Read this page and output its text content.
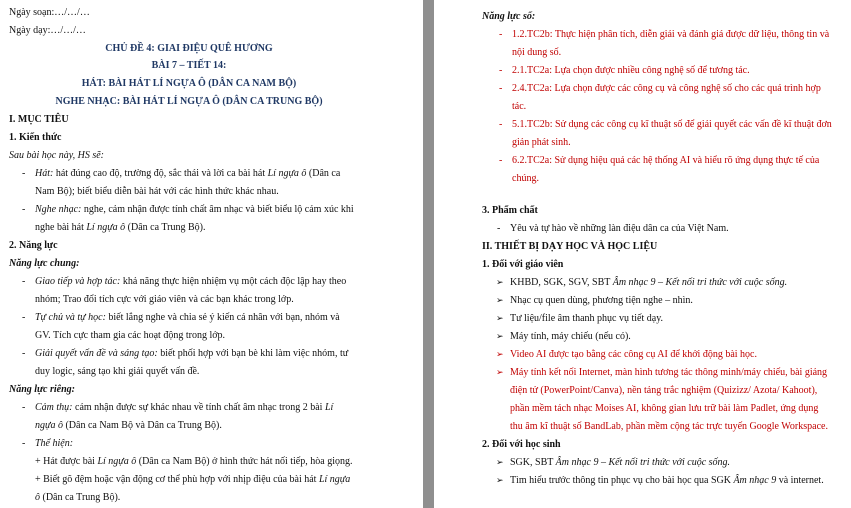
Ngày soạn:…/…/…
Ngày dạy:…/…/…
CHỦ ĐỀ 4: GIAI ĐIỆU QUÊ HƯƠNG
BÀI 7 – TIẾT 14:
HÁT: BÀI HÁT LÍ NGỰA Ô (DÂN CA NAM BỘ)
NGHE NHẠC: BÀI HÁT LÍ NGỰA Ô (DÂN CA TRUNG BỘ)
I. MỤC TIÊU
1. Kiến thức
Sau bài học này, HS sẽ:
- Hát: hát đúng cao độ, trường độ, sắc thái và lời ca bài hát Lí ngựa ô (Dân ca
Nam Bộ); biết biểu diễn bài hát với các hình thức khác nhau.
- Nghe nhạc: nghe, cảm nhận được tính chất âm nhạc và biết biểu lộ cảm xúc khi
nghe bài hát Lí ngựa ô (Dân ca Trung Bộ).
2. Năng lực
Năng lực chung:
- Giao tiếp và hợp tác: khả năng thực hiện nhiệm vụ một cách độc lập hay theo
nhóm; Trao đổi tích cực với giáo viên và các bạn khác trong lớp.
- Tự chủ và tự học: biết lắng nghe và chia sẻ ý kiến cá nhân với bạn, nhóm và
GV. Tích cực tham gia các hoạt động trong lớp.
- Giải quyết vấn đề và sáng tạo: biết phối hợp với bạn bè khi làm việc nhóm, tư
duy logic, sáng tạo khi giải quyết vấn đề.
Năng lực riêng:
- Cảm thụ: cảm nhận được sự khác nhau về tính chất âm nhạc trong 2 bài Lí
ngựa ô (Dân ca Nam Bộ và Dân ca Trung Bộ).
- Thể hiện:
+ Hát được bài Lí ngựa ô (Dân ca Nam Bộ) ở hình thức hát nối tiếp, hòa giọng.
+ Biết gõ đệm hoặc vận động cơ thể phù hợp với nhịp điệu của bài hát Lí ngựa
ô (Dân ca Trung Bộ).
Năng lực số:
- 1.2.TC2b: Thực hiện phân tích, diễn giải và đánh giá được dữ liệu, thông tin và
nội dung số.
- 2.1.TC2a: Lựa chọn được nhiều công nghệ số để tương tác.
- 2.4.TC2a: Lựa chọn được các công cụ và công nghệ số cho các quá trình hợp
tác.
- 5.1.TC2b: Sử dụng các công cụ kĩ thuật số để giải quyết các vấn đề kĩ thuật đơn
giản phát sinh.
- 6.2.TC2a: Sử dụng hiệu quả các hệ thống AI và hiểu rõ ứng dụng thực tế của
chúng.
3. Phẩm chất
- Yêu và tự hào về những làn điệu dân ca của Việt Nam.
II. THIẾT BỊ DẠY HỌC VÀ HỌC LIỆU
1. Đối với giáo viên
➢ KHBD, SGK, SGV, SBT Âm nhạc 9 – Kết nối tri thức với cuộc sống.
➢ Nhạc cụ quen dùng, phương tiện nghe – nhìn.
➢ Tư liệu/file âm thanh phục vụ tiết dạy.
➢ Máy tính, máy chiếu (nếu có).
➢ Video AI được tạo bằng các công cụ AI để khởi động bài học.
➢ Máy tính kết nối Internet, màn hình tương tác thông minh/máy chiếu, bài giảng
điện tử (PowerPoint/Canva), nền tảng trắc nghiệm (Quizizz/ Azota/ Kahoot),
phần mềm tách nhạc Moises AI, không gian lưu trữ bài làm Padlet, ứng dụng
thu âm kĩ thuật số BandLab, phần mềm cộng tác trực tuyến Google Workspace.
2. Đối với học sinh
➢ SGK, SBT Âm nhạc 9 – Kết nối tri thức với cuộc sống.
➢ Tìm hiểu trước thông tin phục vụ cho bài học qua SGK Âm nhạc 9 và internet.
